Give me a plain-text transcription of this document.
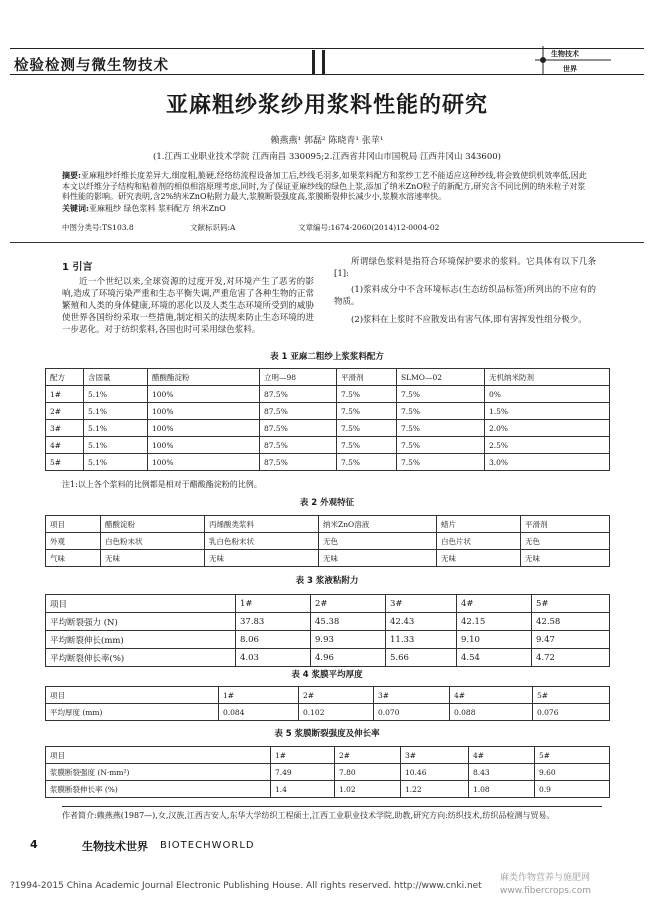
检验检测与微生物技术
生物技术
世界
亚麻粗纱浆纱用浆料性能的研究
赖燕燕¹ 郭磊² 陈晓青¹ 张苹¹
(1.江西工业职业技术学院 江西南昌 330095;2.江西省井冈山市国税局 江西井冈山 343600)
摘要:亚麻粗纱纤维长度差异大,细度粗,脆硬,经络纺流程设备加工后,纱线毛羽多,如果浆料配方和浆纱工艺不能适应这种纱线,将会致使织机效率低,因此本文以纤维分子结构和粘着剂的相似相溶原理考虑,同时,为了保证亚麻纱线的绿色上浆,添加了纳米ZnO粒子的新配方,研究含不同比例的纳米粒子对浆料性能的影响。研究表明,含2%纳米ZnO粘附力最大,浆膜断裂强度高,浆膜断裂伸长减少小,浆膜水溶速率快。
关键词:亚麻粗纱 绿色浆料 浆料配方 纳米ZnO
中图分类号:TS103.8	文献标识码:A	文章编号:1674-2060(2014)12-0004-02
1 引言
近一个世纪以来,全球资源的过度开发,对环境产生了恶劣的影响,造成了环境污染严重和生态平衡失调,严重危害了各种生物的正常繁殖和人类的身体健康,环境的恶化以及人类生态环境所受到的威胁使世界各国纷纷采取一些措施,制定相关的法规来防止生态环境的进一步恶化。对于纺织浆料,各国也时可采用绿色浆料。
所谓绿色浆料是指符合环境保护要求的浆料。它具体有以下几条[1]:
(1)浆料成分中不含环境标志(生态纺织品标签)所列出的不应有的物质。
(2)浆料在上浆时不应散发出有害气体,即有害挥发性组分极少。
表 1 亚麻二粗纱上浆浆料配方
配方	含固量	醋酸酯淀粉	立明—98	平滑剂	SLMO—02	无机纳米防剂
1#	5.1%	100%	87.5%	7.5%	7.5%	0%
2#	5.1%	100%	87.5%	7.5%	7.5%	1.5%
3#	5.1%	100%	87.5%	7.5%	7.5%	2.0%
4#	5.1%	100%	87.5%	7.5%	7.5%	2.5%
5#	5.1%	100%	87.5%	7.5%	7.5%	3.0%
注1:以上各个浆料的比例都是相对于醋酸酯淀粉的比例。
表 2 外观特征
项目	醋酸淀粉	丙烯酸类浆料	纳米ZnO溶液	蜡片	平滑剂
外观	白色粉末状	乳白色粉末状	无色	白色片状	无色
气味	无味	无味	无味	无味	无味
表 3 浆液粘附力
项目	1#	2#	3#	4#	5#
平均断裂强力 (N)	37.83	45.38	42.43	42.15	42.58
平均断裂伸长(mm)	8.06	9.93	11.33	9.10	9.47
平均断裂伸长率(%)	4.03	4.96	5.66	4.54	4.72
表 4 浆膜平均厚度
项目	1#	2#	3#	4#	5#
平均厚度 (mm)	0.084	0.102	0.070	0.088	0.076
表 5 浆膜断裂强度及伸长率
项目	1#	2#	3#	4#	5#
浆膜断裂强度 (N·mm²)	7.49	7.80	10.46	8.43	9.60
浆膜断裂伸长率 (%)	1.4	1.02	1.22	1.08	0.9
作者简介:赖燕燕(1987—),女,汉族,江西吉安人,东华大学纺织工程硕士,江西工业职业技术学院,助教,研究方向:纺织技术,纺织品检测与贸易。
4	生物技术世界 BIOTECHWORLD
?1994-2015 China Academic Journal Electronic Publishing House. All rights reserved. http://www.cnki.net
麻类作物营养与施肥网
www.fibercrops.com
